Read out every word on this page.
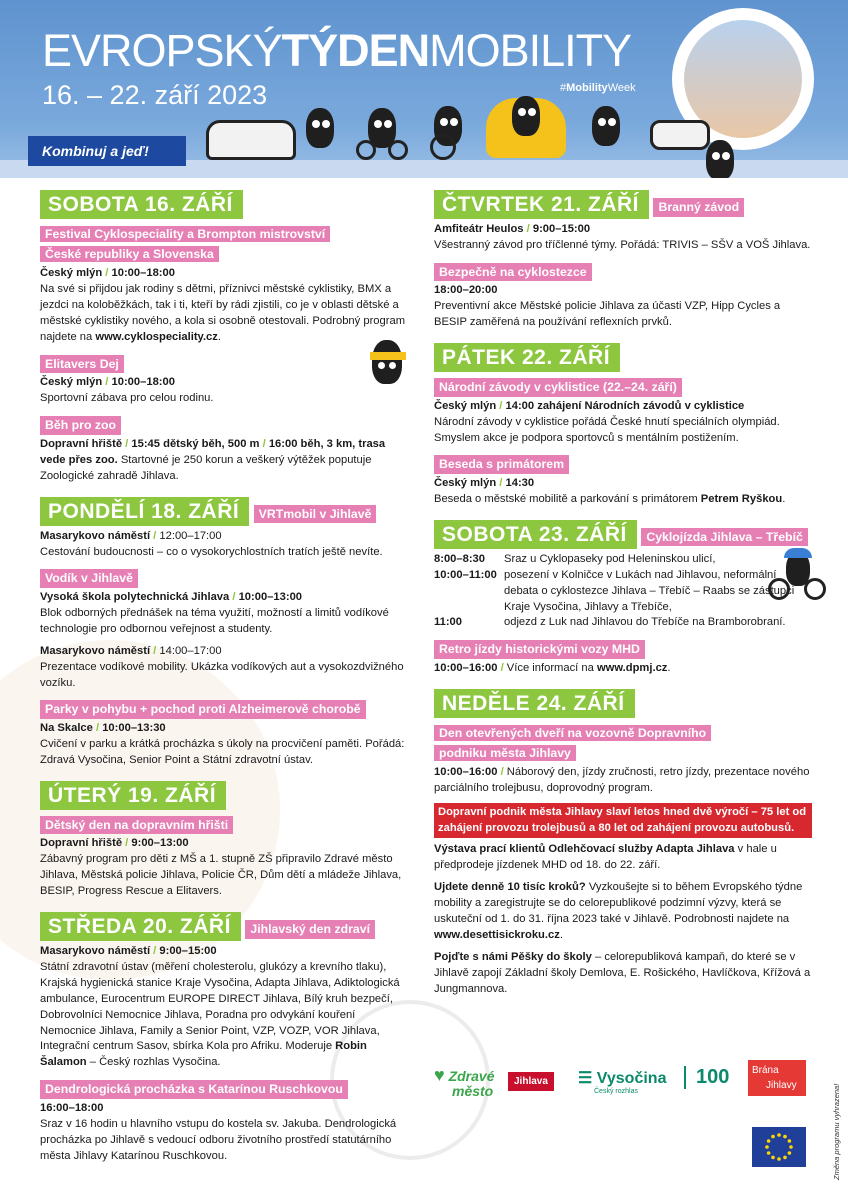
EVROPSKÝTÝDENMOBILITY
16. – 22. září 2023	#MobilityWeek
Kombinuj a jeď!
SOBOTA 16. ZÁŘÍ
Festival Cyklospeciality a Brompton mistrovství
České republiky a Slovenska
Český mlýn / 10:00–18:00
Na své si přijdou jak rodiny s dětmi, příznivci městské cyklistiky, BMX a jezdci na koloběžkách, tak i ti, kteří by rádi zjistili, co je v oblasti dětské a městské cyklistiky nového, a kola si osobně otestovali. Podrobný program najdete na www.cyklospeciality.cz.
Elitavers Dej
Český mlýn / 10:00–18:00
Sportovní zábava pro celou rodinu.
Běh pro zoo
Dopravní hřiště / 15:45 dětský běh, 500 m / 16:00 běh, 3 km, trasa vede přes zoo. Startovné je 250 korun a veškerý výtěžek poputuje Zoologické zahradě Jihlava.
PONDĚLÍ 18. ZÁŘÍ VRTmobil v Jihlavě
Masarykovo náměstí / 12:00–17:00
Cestování budoucnosti – co o vysokorychlostních tratích ještě nevíte.
Vodík v Jihlavě
Vysoká škola polytechnická Jihlava / 10:00–13:00
Blok odborných přednášek na téma využití, možností a limitů vodíkové technologie pro odbornou veřejnost a studenty.
Masarykovo náměstí / 14:00–17:00
Prezentace vodíkové mobility. Ukázka vodíkových aut a vysokozdvižného vozíku.
Parky v pohybu + pochod proti Alzheimerově chorobě
Na Skalce / 10:00–13:30
Cvičení v parku a krátká procházka s úkoly na procvičení paměti. Pořádá: Zdravá Vysočina, Senior Point a Státní zdravotní ústav.
ÚTERÝ 19. ZÁŘÍ Dětský den na dopravním hřišti
Dopravní hřiště / 9:00–13:00
Zábavný program pro děti z MŠ a 1. stupně ZŠ připravilo Zdravé město Jihlava, Městská policie Jihlava, Policie ČR, Dům dětí a mládeže Jihlava, BESIP, Progress Rescue a Elitavers.
STŘEDA 20. ZÁŘÍ Jihlavský den zdraví
Masarykovo náměstí / 9:00–15:00
Státní zdravotní ústav (měření cholesterolu, glukózy a krevního tlaku), Krajská hygienická stanice Kraje Vysočina, Adapta Jihlava, Adiktologická ambulance, Eurocentrum EUROPE DIRECT Jihlava, Bílý kruh bezpečí, Dobrovolníci Nemocnice Jihlava, Poradna pro odvykání kouření Nemocnice Jihlava, Family a Senior Point, VZP, VOZP, VOR Jihlava, Integrační centrum Sasov, sbírka Kola pro Afriku. Moderuje Robin Šalamon – Český rozhlas Vysočina.
Dendrologická procházka s Katarínou Ruschkovou
16:00–18:00
Sraz v 16 hodin u hlavního vstupu do kostela sv. Jakuba. Dendrologická procházka po Jihlavě s vedoucí odboru životního prostředí statutárního města Jihlavy Katarínou Ruschkovou.
ČTVRTEK 21. ZÁŘÍ Branný závod
Amfiteátr Heulos / 9:00–15:00
Všestranný závod pro tříčlenné týmy. Pořádá: TRIVIS – SŠV a VOŠ Jihlava.
Bezpečně na cyklostezce
18:00–20:00
Preventivní akce Městské policie Jihlava za účasti VZP, Hipp Cycles a BESIP zaměřená na používání reflexních prvků.
PÁTEK 22. ZÁŘÍ Národní závody v cyklistice (22.–24. září)
Český mlýn / 14:00 zahájení Národních závodů v cyklistice
Národní závody v cyklistice pořádá České hnutí speciálních olympiád. Smyslem akce je podpora sportovců s mentálním postižením.
Beseda s primátorem
Český mlýn / 14:30
Beseda o městské mobilitě a parkování s primátorem Petrem Ryškou.
SOBOTA 23. ZÁŘÍ Cyklojízda Jihlava – Třebíč
8:00–8:30	Sraz u Cyklopaseky pod Heleninskou ulicí,
10:00–11:00 posezení v Kolničce v Lukách nad Jihlavou, neformální debata o cyklostezce Jihlava – Třebíč – Raabs se zástupci Kraje Vysočina, Jihlavy a Třebíče,
11:00	odjezd z Luk nad Jihlavou do Třebíče na Bramborobraní.
Retro jízdy historickými vozy MHD
10:00–16:00 / Více informací na www.dpmj.cz.
NEDĚLE 24. ZÁŘÍ
Den otevřených dveří na vozovně Dopravního
podniku města Jihlavy
10:00–16:00 / Náborový den, jízdy zručnosti, retro jízdy, prezentace nového parciálního trolejbusu, doprovodný program.
Dopravní podnik města Jihlavy slaví letos hned dvě výročí – 75 let od zahájení provozu trolejbusů a 80 let od zahájení provozu autobusů.
Výstava prací klientů Odlehčovací služby Adapta Jihlava v hale u předprodeje jízdenek MHD od 18. do 22. září.
Ujdete denně 10 tisíc kroků? Vyzkoušejte si to během Evropského týdne mobility a zaregistrujte se do celorepublikové podzimní výzvy, která se uskuteční od 1. do 31. října 2023 také v Jihlavě. Podrobnosti najdete na www.desettisickroku.cz.
Pojďte s námi Pěšky do školy – celorepubliková kampaň, do které se v Jihlavě zapojí Základní školy Demlova, E. Rošického, Havlíčkova, Křížová a Jungmannova.
♥ Zdravé
město
Jihlava	☰ Vysočina
Český rozhlas
100	Brána
Jihlavy	Změna programu vyhrazena!
